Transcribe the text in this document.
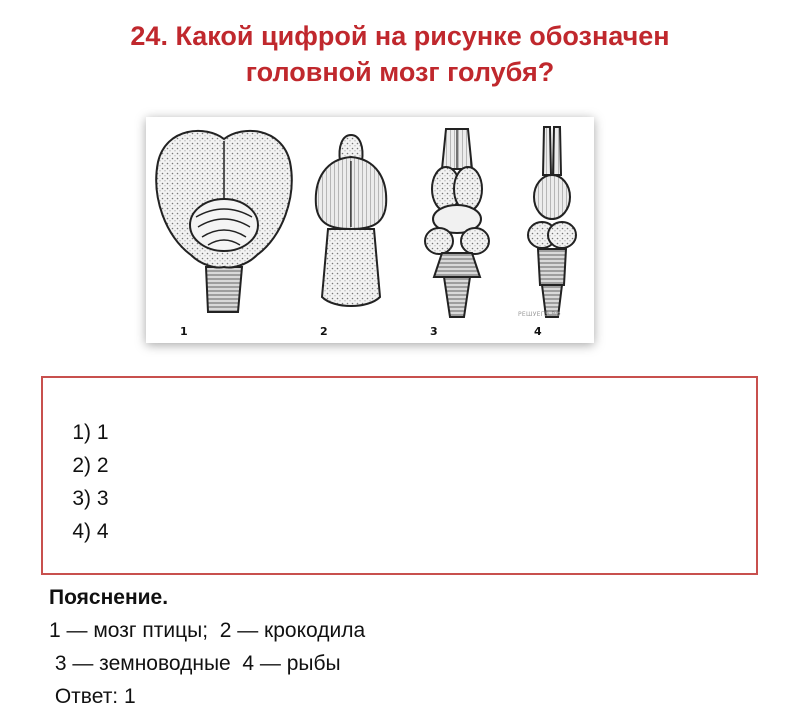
24. Какой цифрой на рисунке обозначен
головной мозг голубя?
1	2	3	4
РЕШУЕГЭ.РФ

1) 1
2) 2
3) 3
4) 4

Пояснение.
1 — мозг птицы;  2 — крокодила
3 — земноводные  4 — рыбы
Ответ: 1
